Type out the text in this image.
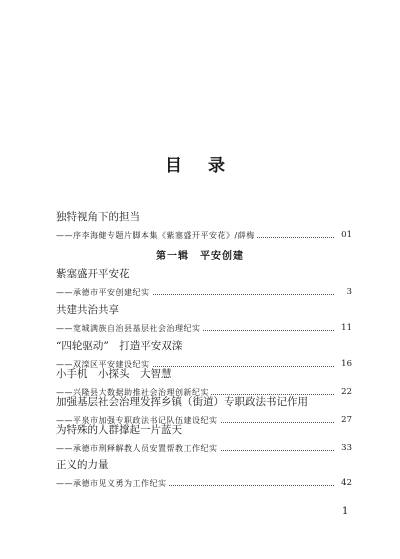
目 录
独特视角下的担当
——序李海健专题片脚本集《紫塞盛开平安花》/薛梅	01
第一辑　平安创建
紫塞盛开平安花
——承德市平安创建纪实	3
共建共治共享
——宽城满族自治县基层社会治理纪实	11
“四轮驱动”　打造平安双滦
——双滦区平安建设纪实	16
小手机　小探头　大智慧
——兴隆县大数据助推社会治理创新纪实	22
加强基层社会治理发挥乡镇（街道）专职政法书记作用
——平泉市加强专职政法书记队伍建设纪实	27
为特殊的人群撑起一片蓝天
——承德市刑释解教人员安置帮教工作纪实	33
正义的力量
——承德市见义勇为工作纪实	42
1
